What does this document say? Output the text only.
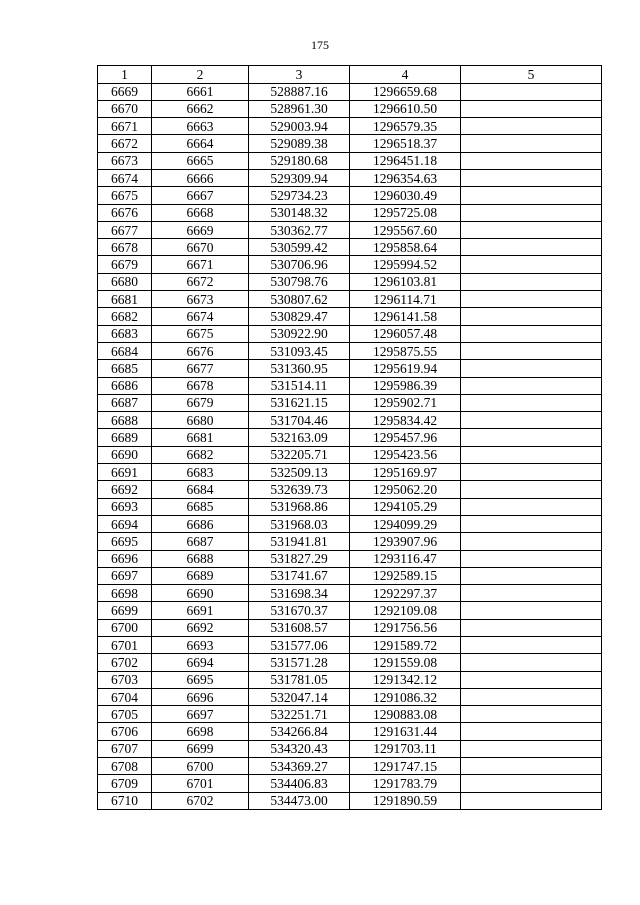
175
1	2	3	4	5
6669	6661	528887.16	1296659.68	
6670	6662	528961.30	1296610.50	
6671	6663	529003.94	1296579.35	
6672	6664	529089.38	1296518.37	
6673	6665	529180.68	1296451.18	
6674	6666	529309.94	1296354.63	
6675	6667	529734.23	1296030.49	
6676	6668	530148.32	1295725.08	
6677	6669	530362.77	1295567.60	
6678	6670	530599.42	1295858.64	
6679	6671	530706.96	1295994.52	
6680	6672	530798.76	1296103.81	
6681	6673	530807.62	1296114.71	
6682	6674	530829.47	1296141.58	
6683	6675	530922.90	1296057.48	
6684	6676	531093.45	1295875.55	
6685	6677	531360.95	1295619.94	
6686	6678	531514.11	1295986.39	
6687	6679	531621.15	1295902.71	
6688	6680	531704.46	1295834.42	
6689	6681	532163.09	1295457.96	
6690	6682	532205.71	1295423.56	
6691	6683	532509.13	1295169.97	
6692	6684	532639.73	1295062.20	
6693	6685	531968.86	1294105.29	
6694	6686	531968.03	1294099.29	
6695	6687	531941.81	1293907.96	
6696	6688	531827.29	1293116.47	
6697	6689	531741.67	1292589.15	
6698	6690	531698.34	1292297.37	
6699	6691	531670.37	1292109.08	
6700	6692	531608.57	1291756.56	
6701	6693	531577.06	1291589.72	
6702	6694	531571.28	1291559.08	
6703	6695	531781.05	1291342.12	
6704	6696	532047.14	1291086.32	
6705	6697	532251.71	1290883.08	
6706	6698	534266.84	1291631.44	
6707	6699	534320.43	1291703.11	
6708	6700	534369.27	1291747.15	
6709	6701	534406.83	1291783.79	
6710	6702	534473.00	1291890.59	
